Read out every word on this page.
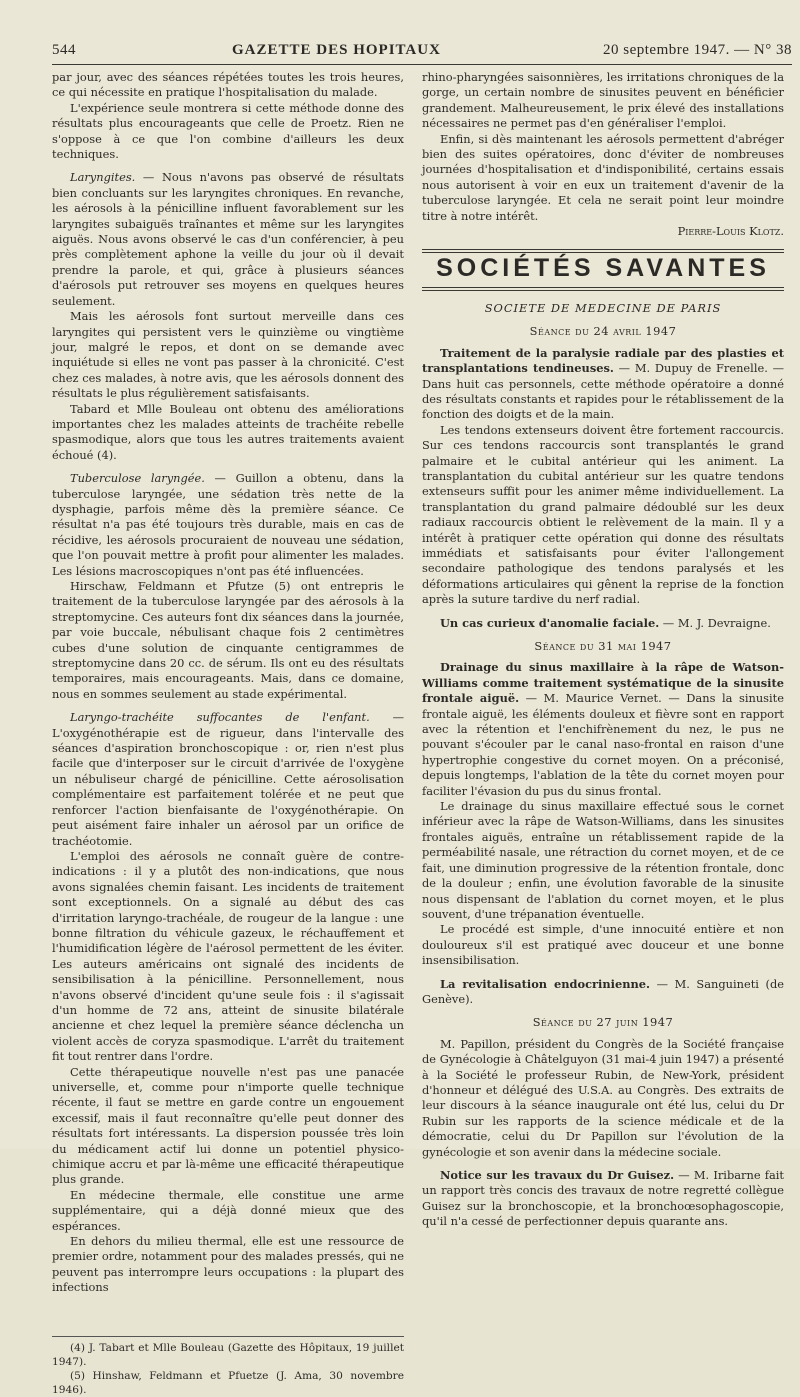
544	GAZETTE DES HOPITAUX	20 septembre 1947. — N° 38

par jour, avec des séances répétées toutes les trois heures, ce qui nécessite en pratique l'hospitalisation du malade.

L'expérience seule montrera si cette méthode donne des résultats plus encourageants que celle de Proetz. Rien ne s'oppose à ce que l'on combine d'ailleurs les deux techniques.

Laryngites. — Nous n'avons pas observé de résultats bien concluants sur les laryngites chroniques. En revanche, les aérosols à la pénicilline influent favorablement sur les laryngites subaiguës traînantes et même sur les laryngites aiguës. Nous avons observé le cas d'un conférencier, à peu près complètement aphone la veille du jour où il devait prendre la parole, et qui, grâce à plusieurs séances d'aérosols put retrouver ses moyens en quelques heures seulement.

Mais les aérosols font surtout merveille dans ces laryngites qui persistent vers le quinzième ou vingtième jour, malgré le repos, et dont on se demande avec inquiétude si elles ne vont pas passer à la chronicité. C'est chez ces malades, à notre avis, que les aérosols donnent des résultats le plus régulièrement satisfaisants.

Tabard et Mlle Bouleau ont obtenu des améliorations importantes chez les malades atteints de trachéite rebelle spasmodique, alors que tous les autres traitements avaient échoué (4).

Tuberculose laryngée. — Guillon a obtenu, dans la tuberculose laryngée, une sédation très nette de la dysphagie, parfois même dès la première séance. Ce résultat n'a pas été toujours très durable, mais en cas de récidive, les aérosols procuraient de nouveau une sédation, que l'on pouvait mettre à profit pour alimenter les malades. Les lésions macroscopiques n'ont pas été influencées.

Hirschaw, Feldmann et Pfutze (5) ont entrepris le traitement de la tuberculose laryngée par des aérosols à la streptomycine. Ces auteurs font dix séances dans la journée, par voie buccale, nébulisant chaque fois 2 centimètres cubes d'une solution de cinquante centigrammes de streptomycine dans 20 cc. de sérum. Ils ont eu des résultats temporaires, mais encourageants. Mais, dans ce domaine, nous en sommes seulement au stade expérimental.

Laryngo-trachéite suffocantes de l'enfant. — L'oxygénothérapie est de rigueur, dans l'intervalle des séances d'aspiration bronchoscopique : or, rien n'est plus facile que d'interposer sur le circuit d'arrivée de l'oxygène un nébuliseur chargé de pénicilline. Cette aérosolisation complémentaire est parfaitement tolérée et ne peut que renforcer l'action bienfaisante de l'oxygénothérapie. On peut aisément faire inhaler un aérosol par un orifice de trachéotomie.

L'emploi des aérosols ne connaît guère de contre-indications : il y a plutôt des non-indications, que nous avons signalées chemin faisant. Les incidents de traitement sont exceptionnels. On a signalé au début des cas d'irritation laryngo-trachéale, de rougeur de la langue : une bonne filtration du véhicule gazeux, le réchauffement et l'humidification légère de l'aérosol permettent de les éviter. Les auteurs américains ont signalé des incidents de sensibilisation à la pénicilline. Personnellement, nous n'avons observé d'incident qu'une seule fois : il s'agissait d'un homme de 72 ans, atteint de sinusite bilatérale ancienne et chez lequel la première séance déclencha un violent accès de coryza spasmodique. L'arrêt du traitement fit tout rentrer dans l'ordre.

Cette thérapeutique nouvelle n'est pas une panacée universelle, et, comme pour n'importe quelle technique récente, il faut se mettre en garde contre un engouement excessif, mais il faut reconnaître qu'elle peut donner des résultats fort intéressants. La dispersion poussée très loin du médicament actif lui donne un potentiel physico-chimique accru et par là-même une efficacité thérapeutique plus grande.

En médecine thermale, elle constitue une arme supplémentaire, qui a déjà donné mieux que des espérances.

En dehors du milieu thermal, elle est une ressource de premier ordre, notamment pour des malades pressés, qui ne peuvent pas interrompre leurs occupations : la plupart des infections

(4) J. Tabart et Mlle Bouleau (Gazette des Hôpitaux, 19 juillet 1947).

(5) Hinshaw, Feldmann et Pfuetze (J. Ama, 30 novembre 1946).

rhino-pharyngées saisonnières, les irritations chroniques de la gorge, un certain nombre de sinusites peuvent en bénéficier grandement. Malheureusement, le prix élevé des installations nécessaires ne permet pas d'en généraliser l'emploi.

Enfin, si dès maintenant les aérosols permettent d'abréger bien des suites opératoires, donc d'éviter de nombreuses journées d'hospitalisation et d'indisponibilité, certains essais nous autorisent à voir en eux un traitement d'avenir de la tuberculose laryngée. Et cela ne serait point leur moindre titre à notre intérêt.

Pierre-Louis Klotz.

SOCIÉTÉS SAVANTES
SOCIETE DE MEDECINE DE PARIS
Séance du 24 avril 1947

Traitement de la paralysie radiale par des plasties et transplantations tendineuses. — M. Dupuy de Frenelle. — Dans huit cas personnels, cette méthode opératoire a donné des résultats constants et rapides pour le rétablissement de la fonction des doigts et de la main.

Les tendons extenseurs doivent être fortement raccourcis. Sur ces tendons raccourcis sont transplantés le grand palmaire et le cubital antérieur qui les animent. La transplantation du cubital antérieur sur les quatre tendons extenseurs suffit pour les animer même individuellement. La transplantation du grand palmaire dédoublé sur les deux radiaux raccourcis obtient le relèvement de la main. Il y a intérêt à pratiquer cette opération qui donne des résultats immédiats et satisfaisants pour éviter l'allongement secondaire pathologique des tendons paralysés et les déformations articulaires qui gênent la reprise de la fonction après la suture tardive du nerf radial.

Un cas curieux d'anomalie faciale. — M. J. Devraigne.

Séance du 31 mai 1947

Drainage du sinus maxillaire à la râpe de Watson-Williams comme traitement systématique de la sinusite frontale aiguë. — M. Maurice Vernet. — Dans la sinusite frontale aiguë, les éléments douleux et fièvre sont en rapport avec la rétention et l'enchifrènement du nez, le pus ne pouvant s'écouler par le canal naso-frontal en raison d'une hypertrophie congestive du cornet moyen. On a préconisé, depuis longtemps, l'ablation de la tête du cornet moyen pour faciliter l'évasion du pus du sinus frontal.

Le drainage du sinus maxillaire effectué sous le cornet inférieur avec la râpe de Watson-Williams, dans les sinusites frontales aiguës, entraîne un rétablissement rapide de la perméabilité nasale, une rétraction du cornet moyen, et de ce fait, une diminution progressive de la rétention frontale, donc de la douleur ; enfin, une évolution favorable de la sinusite nous dispensant de l'ablation du cornet moyen, et le plus souvent, d'une trépanation éventuelle.

Le procédé est simple, d'une innocuité entière et non douloureux s'il est pratiqué avec douceur et une bonne insensibilisation.

La revitalisation endocrinienne. — M. Sanguineti (de Genève).

Séance du 27 juin 1947

M. Papillon, président du Congrès de la Société française de Gynécologie à Châtelguyon (31 mai-4 juin 1947) a présenté à la Société le professeur Rubin, de New-York, président d'honneur et délégué des U.S.A. au Congrès. Des extraits de leur discours à la séance inaugurale ont été lus, celui du Dr Rubin sur les rapports de la science médicale et de la démocratie, celui du Dr Papillon sur l'évolution de la gynécologie et son avenir dans la médecine sociale.

Notice sur les travaux du Dr Guisez. — M. Iribarne fait un rapport très concis des travaux de notre regretté collègue Guisez sur la bronchoscopie, et la bronchoœsophagoscopie, qu'il n'a cessé de perfectionner depuis quarante ans.
